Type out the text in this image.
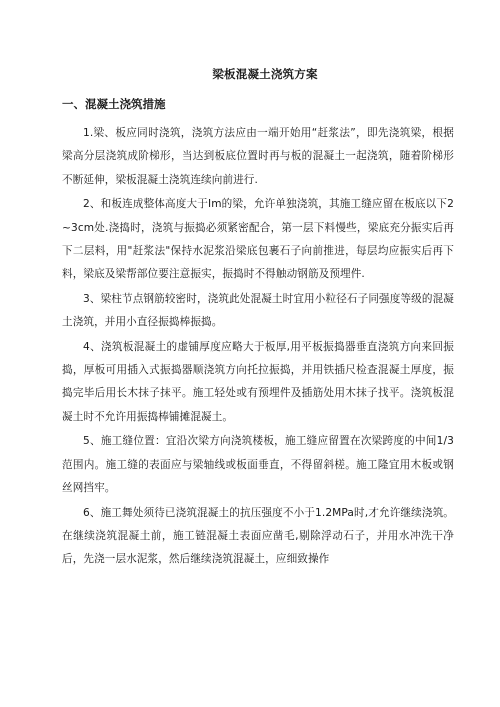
梁板混凝土浇筑方案
一、混凝土浇筑措施

1.梁、板应同时浇筑，浇筑方法应由一端开始用“赶浆法”，即先浇筑梁，根据梁高分层浇筑成阶梯形，当达到板底位置时再与板的混凝土一起浇筑，随着阶梯形不断延伸，梁板混凝土浇筑连续向前进行.

2、和板连成整体高度大于Im的梁，允许单独浇筑，其施工缝应留在板底以下2~3cm处.浇捣时，浇筑与振捣必须紧密配合，第一层下料慢些，梁底充分振实后再下二层料，用"赶浆法"保持水泥浆沿梁底包裹石子向前推进，每层均应振实后再下料，梁底及梁帮部位要注意振实，振捣时不得触动钢筋及预埋件.

3、梁柱节点钢筋较密时，浇筑此处混凝土时宜用小粒径石子同强度等级的混凝土浇筑，并用小直径振捣棒振捣。

4、浇筑板混凝土的虚铺厚度应略大于板厚,用平板振捣器垂直浇筑方向来回振捣，厚板可用插入式振捣器顺浇筑方向托拉振捣，并用铁插尺检查混凝土厚度，振捣完毕后用长木抹子抹平。施工轻处或有预埋件及插筋处用木抹子找平。浇筑板混凝土时不允许用振捣棒铺摊混凝土。

5、施工缝位置：宜沿次梁方向浇筑楼板，施工缝应留置在次梁跨度的中间1/3范围内。施工缝的表面应与梁轴线或板面垂直，不得留斜槎。施工隆宜用木板或钢丝网挡牢。

6、施工舞处须待已浇筑混凝土的抗压强度不小于1.2MPa时,才允许继续浇筑。在继续浇筑混凝土前，施工链混凝土表面应凿毛,剔除浮动石子，并用水冲洗干净后，先浇一层水泥浆，然后继续浇筑混凝土，应细致操作
